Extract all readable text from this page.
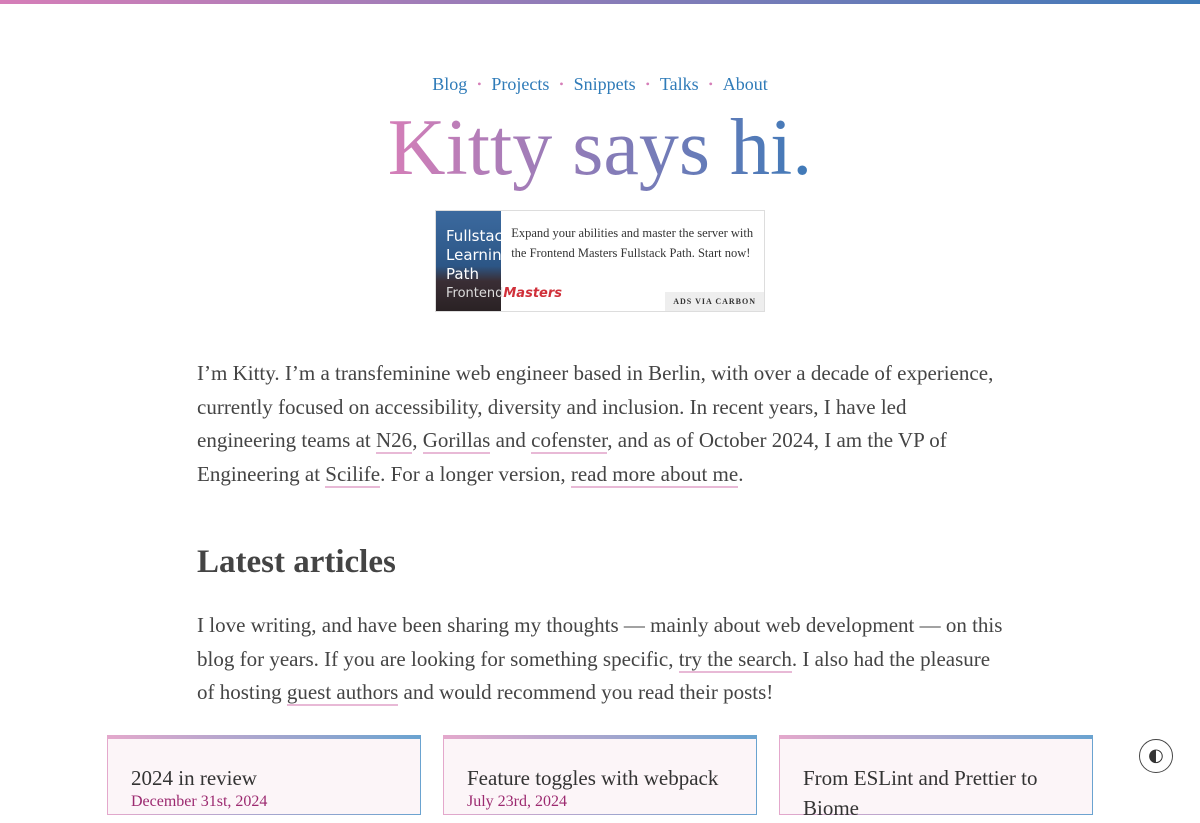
Blog • Projects • Snippets • Talks • About
Kitty says hi.
Fullstack Learning Path
FrontendMasters
Expand your abilities and master the server with the Frontend Masters Fullstack Path. Start now!
ADS VIA CARBON

I’m Kitty. I’m a transfeminine web engineer based in Berlin, with over a decade of experience, currently focused on accessibility, diversity and inclusion. In recent years, I have led engineering teams at N26, Gorillas and cofenster, and as of October 2024, I am the VP of Engineering at Scilife. For a longer version, read more about me.

Latest articles

I love writing, and have been sharing my thoughts — mainly about web development — on this blog for years. If you are looking for something specific, try the search. I also had the pleasure of hosting guest authors and would recommend you read their posts!

2024 in review
December 31st, 2024
Feature toggles with webpack
July 23rd, 2024
From ESLint and Prettier to Biome
◐
